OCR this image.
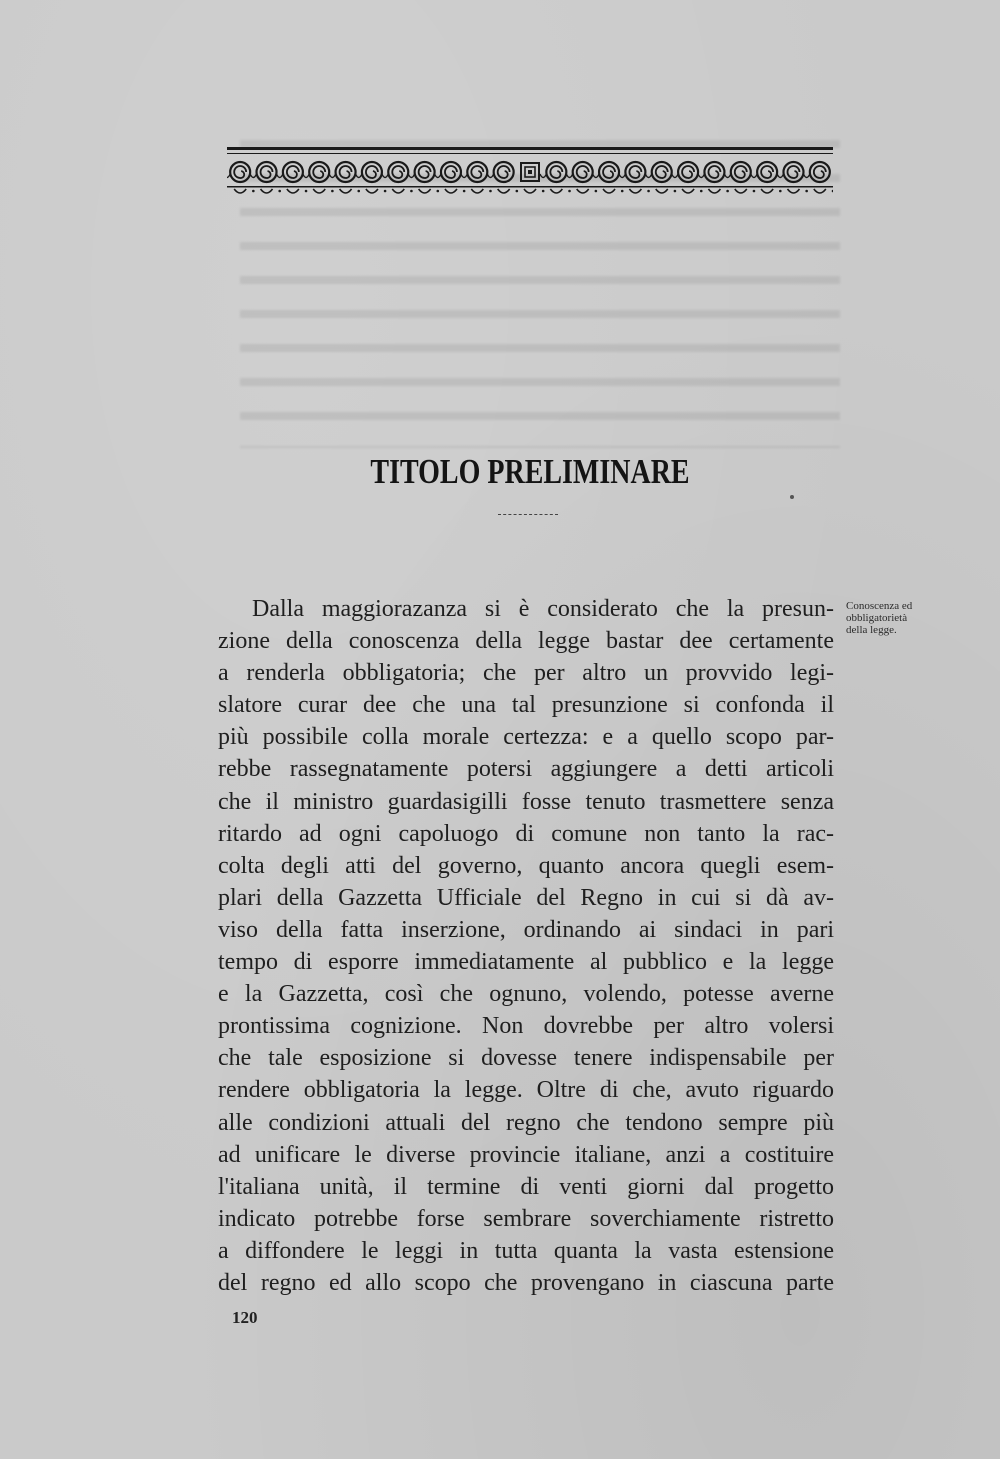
TITOLO PRELIMINARE
Conoscenza ed
obbligatorietà
della legge.
Dalla maggiorazanza si è considerato che la presun-
zione della conoscenza della legge bastar dee certamente
a renderla obbligatoria; che per altro un provvido legi-
slatore curar dee che una tal presunzione si confonda il
più possibile colla morale certezza: e a quello scopo par-
rebbe rassegnatamente potersi aggiungere a detti articoli
che il ministro guardasigilli fosse tenuto trasmettere senza
ritardo ad ogni capoluogo di comune non tanto la rac-
colta degli atti del governo, quanto ancora quegli esem-
plari della Gazzetta Ufficiale del Regno in cui si dà av-
viso della fatta inserzione, ordinando ai sindaci in pari
tempo di esporre immediatamente al pubblico e la legge
e la Gazzetta, così che ognuno, volendo, potesse averne
prontissima cognizione. Non dovrebbe per altro volersi
che tale esposizione si dovesse tenere indispensabile per
rendere obbligatoria la legge. Oltre di che, avuto riguardo
alle condizioni attuali del regno che tendono sempre più
ad unificare le diverse provincie italiane, anzi a costituire
l'italiana unità, il termine di venti giorni dal progetto
indicato potrebbe forse sembrare soverchiamente ristretto
a diffondere le leggi in tutta quanta la vasta estensione
del regno ed allo scopo che provengano in ciascuna parte
120
